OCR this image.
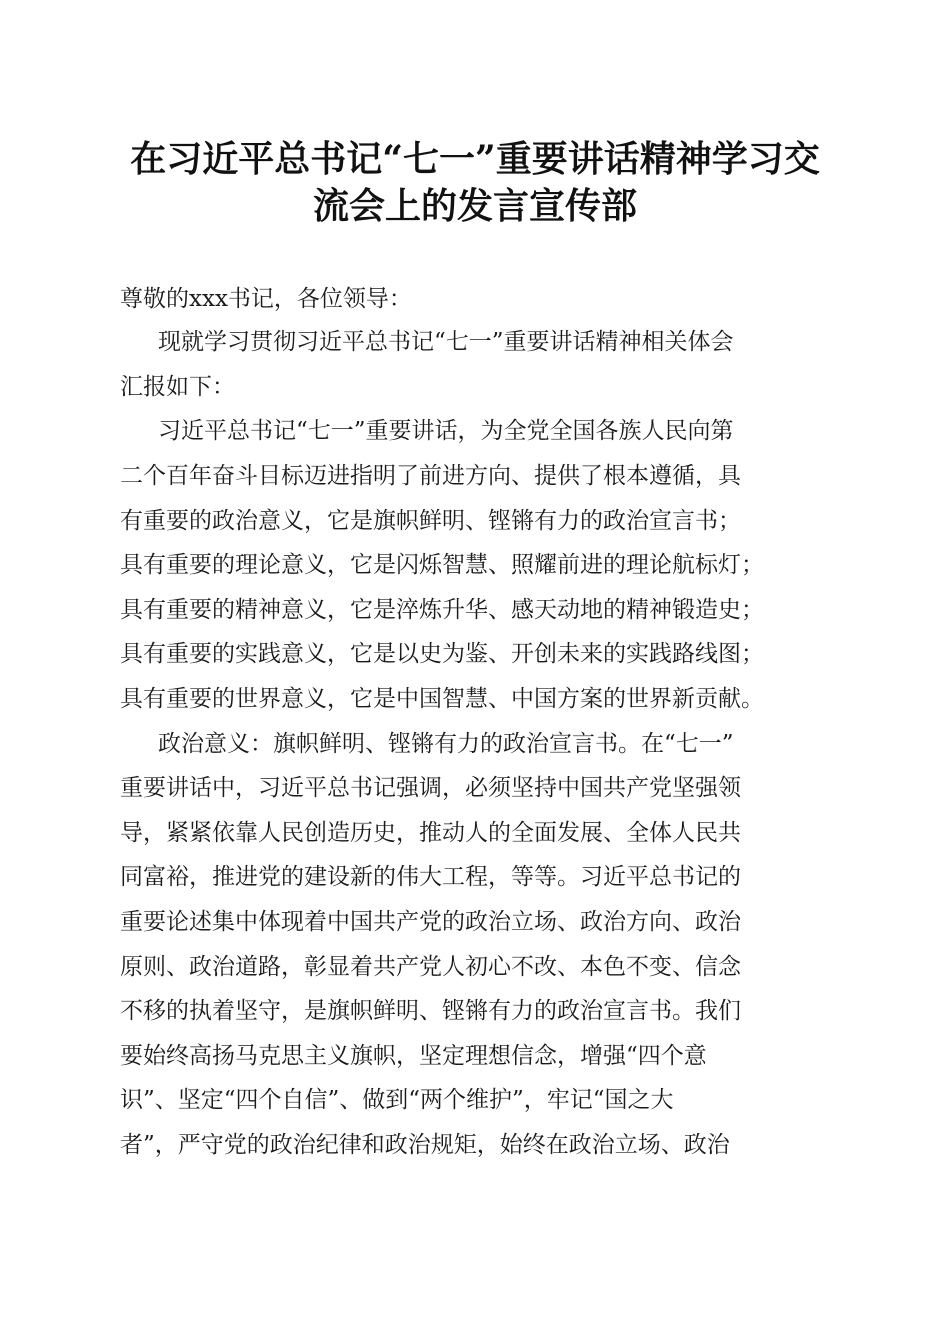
在习近平总书记“七一”重要讲话精神学习交
流会上的发言宣传部
尊敬的xxx书记，各位领导：
现就学习贯彻习近平总书记“七一”重要讲话精神相关体会
汇报如下：
习近平总书记“七一”重要讲话，为全党全国各族人民向第
二个百年奋斗目标迈进指明了前进方向、提供了根本遵循，具
有重要的政治意义，它是旗帜鲜明、铿锵有力的政治宣言书；
具有重要的理论意义，它是闪烁智慧、照耀前进的理论航标灯；
具有重要的精神意义，它是淬炼升华、感天动地的精神锻造史；
具有重要的实践意义，它是以史为鉴、开创未来的实践路线图；
具有重要的世界意义，它是中国智慧、中国方案的世界新贡献。
政治意义：旗帜鲜明、铿锵有力的政治宣言书。在“七一”
重要讲话中，习近平总书记强调，必须坚持中国共产党坚强领
导，紧紧依靠人民创造历史，推动人的全面发展、全体人民共
同富裕，推进党的建设新的伟大工程，等等。习近平总书记的
重要论述集中体现着中国共产党的政治立场、政治方向、政治
原则、政治道路，彰显着共产党人初心不改、本色不变、信念
不移的执着坚守，是旗帜鲜明、铿锵有力的政治宣言书。我们
要始终高扬马克思主义旗帜，坚定理想信念，增强“四个意
识”、坚定“四个自信”、做到“两个维护”，牢记“国之大
者”，严守党的政治纪律和政治规矩，始终在政治立场、政治
